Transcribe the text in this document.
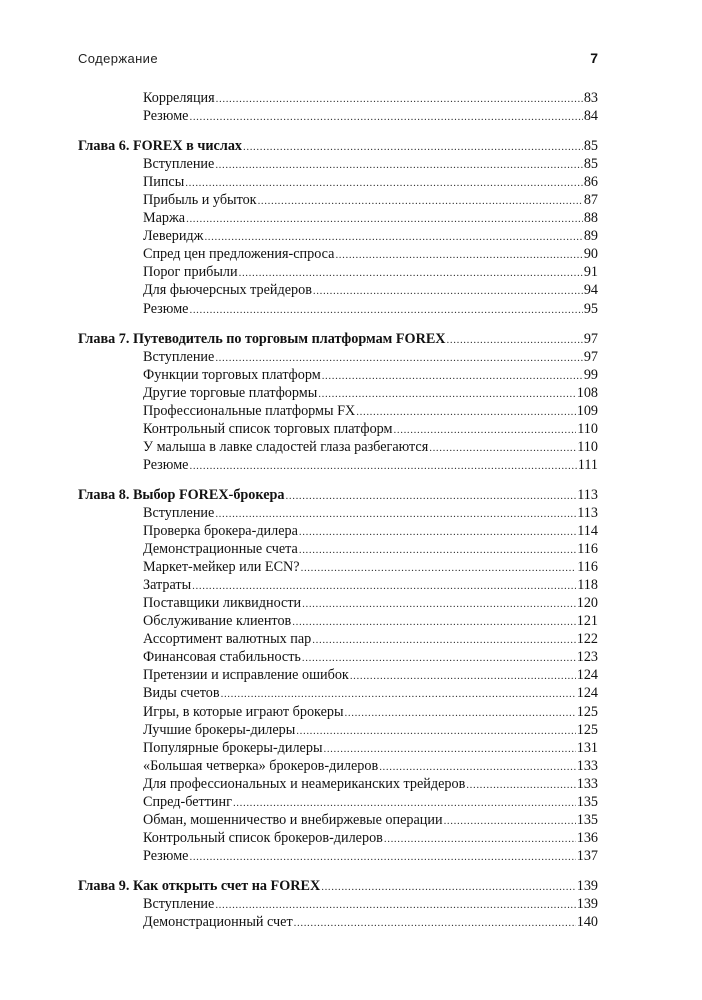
Содержание	7
Корреляция .....	83
Резюме .....	84
Глава 6. FOREX в числах .....	85
Вступление .....	85
Пипсы .....	86
Прибыль и убыток .....	87
Маржа .....	88
Леверидж .....	89
Спред цен предложения-спроса .....	90
Порог прибыли .....	91
Для фьючерсных трейдеров .....	94
Резюме .....	95
Глава 7. Путеводитель по торговым платформам FOREX .....	97
Вступление .....	97
Функции торговых платформ .....	99
Другие торговые платформы .....	108
Профессиональные платформы FX .....	109
Контрольный список торговых платформ .....	110
У малыша в лавке сладостей глаза разбегаются .....	110
Резюме .....	111
Глава 8. Выбор FOREX-брокера .....	113
Вступление .....	113
Проверка брокера-дилера .....	114
Демонстрационные счета .....	116
Маркет-мейкер или ECN? .....	116
Затраты .....	118
Поставщики ликвидности .....	120
Обслуживание клиентов .....	121
Ассортимент валютных пар .....	122
Финансовая стабильность .....	123
Претензии и исправление ошибок .....	124
Виды счетов .....	124
Игры, в которые играют брокеры .....	125
Лучшие брокеры-дилеры .....	125
Популярные брокеры-дилеры .....	131
«Большая четверка» брокеров-дилеров .....	133
Для профессиональных и неамериканских трейдеров .....	133
Спред-беттинг .....	135
Обман, мошенничество и внебиржевые операции .....	135
Контрольный список брокеров-дилеров .....	136
Резюме .....	137
Глава 9. Как открыть счет на FOREX .....	139
Вступление .....	139
Демонстрационный счет .....	140
